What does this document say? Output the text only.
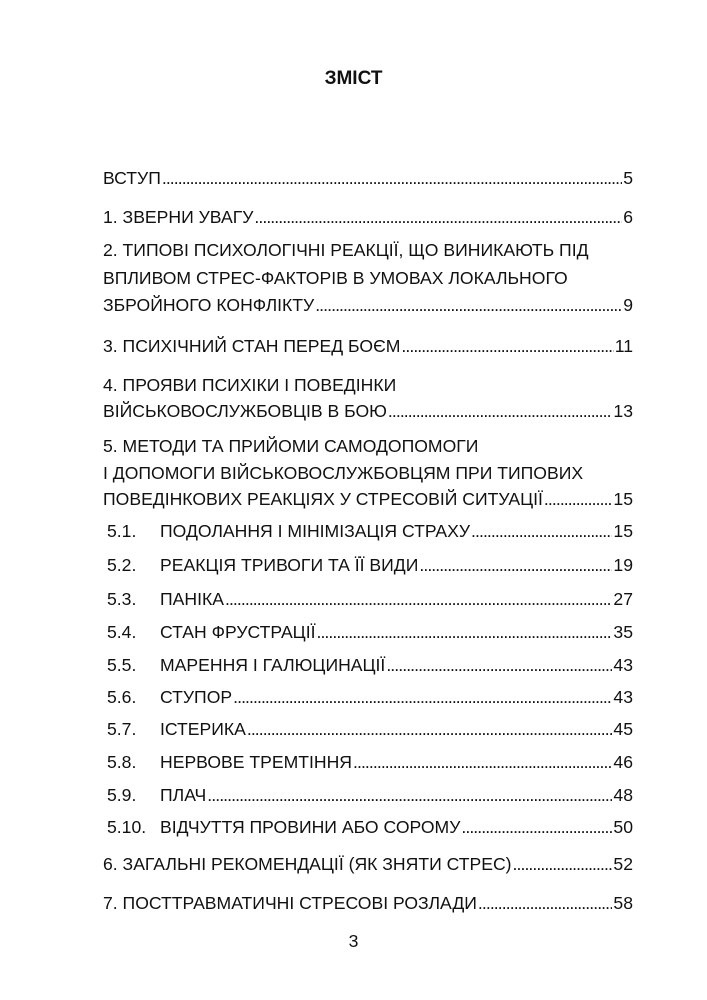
ЗМІСТ
ВСТУП . . .	5
1. ЗВЕРНИ УВАГУ . . .	6
2. ТИПОВІ ПСИХОЛОГІЧНІ РЕАКЦІЇ, ЩО ВИНИКАЮТЬ ПІД
ВПЛИВОМ СТРЕС-ФАКТОРІВ В УМОВАХ ЛОКАЛЬНОГО
ЗБРОЙНОГО КОНФЛІКТУ . . .	9
3. ПСИХІЧНИЙ СТАН ПЕРЕД БОЄМ . . .	11
4. ПРОЯВИ ПСИХІКИ І ПОВЕДІНКИ
ВІЙСЬКОВОСЛУЖБОВЦІВ В БОЮ . . .	13
5. МЕТОДИ ТА ПРИЙОМИ САМОДОПОМОГИ
І ДОПОМОГИ ВІЙСЬКОВОСЛУЖБОВЦЯМ ПРИ ТИПОВИХ
ПОВЕДІНКОВИХ РЕАКЦІЯХ У СТРЕСОВІЙ СИТУАЦІЇ . . .	15
5.1.	ПОДОЛАННЯ І МІНІМІЗАЦІЯ СТРАХУ . . .	15
5.2.	РЕАКЦІЯ ТРИВОГИ ТА ЇЇ ВИДИ . . .	19
5.3.	ПАНІКА . . .	27
5.4.	СТАН ФРУСТРАЦІЇ . . .	35
5.5.	МАРЕННЯ І ГАЛЮЦИНАЦІЇ . . .	43
5.6.	СТУПОР . . .	43
5.7.	ІСТЕРИКА . . .	45
5.8.	НЕРВОВЕ ТРЕМТІННЯ . . .	46
5.9.	ПЛАЧ . . .	48
5.10. ВІДЧУТТЯ ПРОВИНИ АБО СОРОМУ . . .	50
6. ЗАГАЛЬНІ РЕКОМЕНДАЦІЇ (ЯК ЗНЯТИ СТРЕС) . . .	52
7. ПОСТТРАВМАТИЧНІ СТРЕСОВІ РОЗЛАДИ . . .	58
3
